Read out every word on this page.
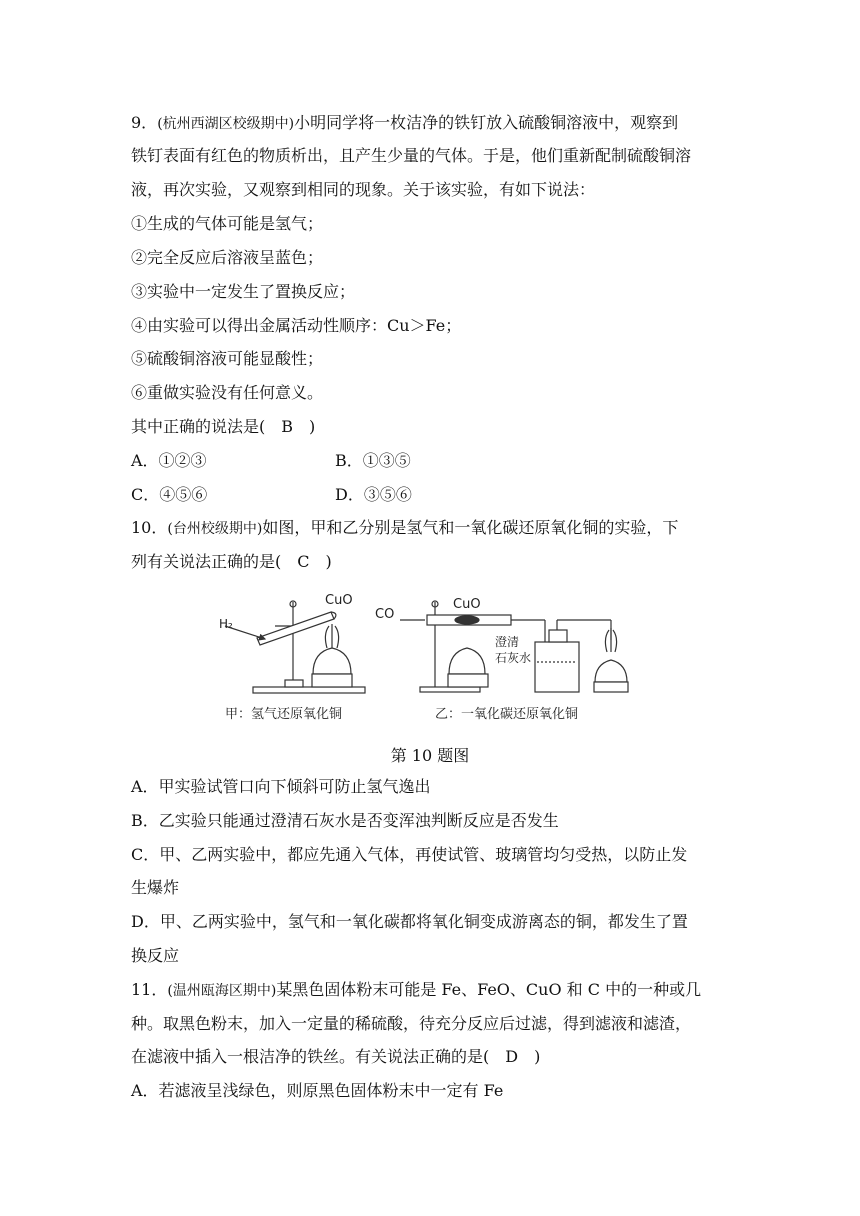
9．(杭州西湖区校级期中)小明同学将一枚洁净的铁钉放入硫酸铜溶液中，观察到
铁钉表面有红色的物质析出，且产生少量的气体。于是，他们重新配制硫酸铜溶
液，再次实验，又观察到相同的现象。关于该实验，有如下说法：
①生成的气体可能是氢气；
②完全反应后溶液呈蓝色；
③实验中一定发生了置换反应；
④由实验可以得出金属活动性顺序：Cu＞Fe；
⑤硫酸铜溶液可能显酸性；
⑥重做实验没有任何意义。
其中正确的说法是(　B　)
A．①②③	B．①③⑤
C．④⑤⑥	D．③⑤⑥
10．(台州校级期中)如图，甲和乙分别是氢气和一氧化碳还原氧化铜的实验，下
列有关说法正确的是(　C　)
CuO
H₂
CO
CuO
澄清
石灰水
甲：氢气还原氧化铜	乙：一氧化碳还原氧化铜
第 10 题图
A．甲实验试管口向下倾斜可防止氢气逸出
B．乙实验只能通过澄清石灰水是否变浑浊判断反应是否发生
C．甲、乙两实验中，都应先通入气体，再使试管、玻璃管均匀受热，以防止发
生爆炸
D．甲、乙两实验中，氢气和一氧化碳都将氧化铜变成游离态的铜，都发生了置
换反应
11．(温州瓯海区期中)某黑色固体粉末可能是 Fe、FeO、CuO 和 C 中的一种或几
种。取黑色粉末，加入一定量的稀硫酸，待充分反应后过滤，得到滤液和滤渣，
在滤液中插入一根洁净的铁丝。有关说法正确的是(　D　)
A．若滤液呈浅绿色，则原黑色固体粉末中一定有 Fe
